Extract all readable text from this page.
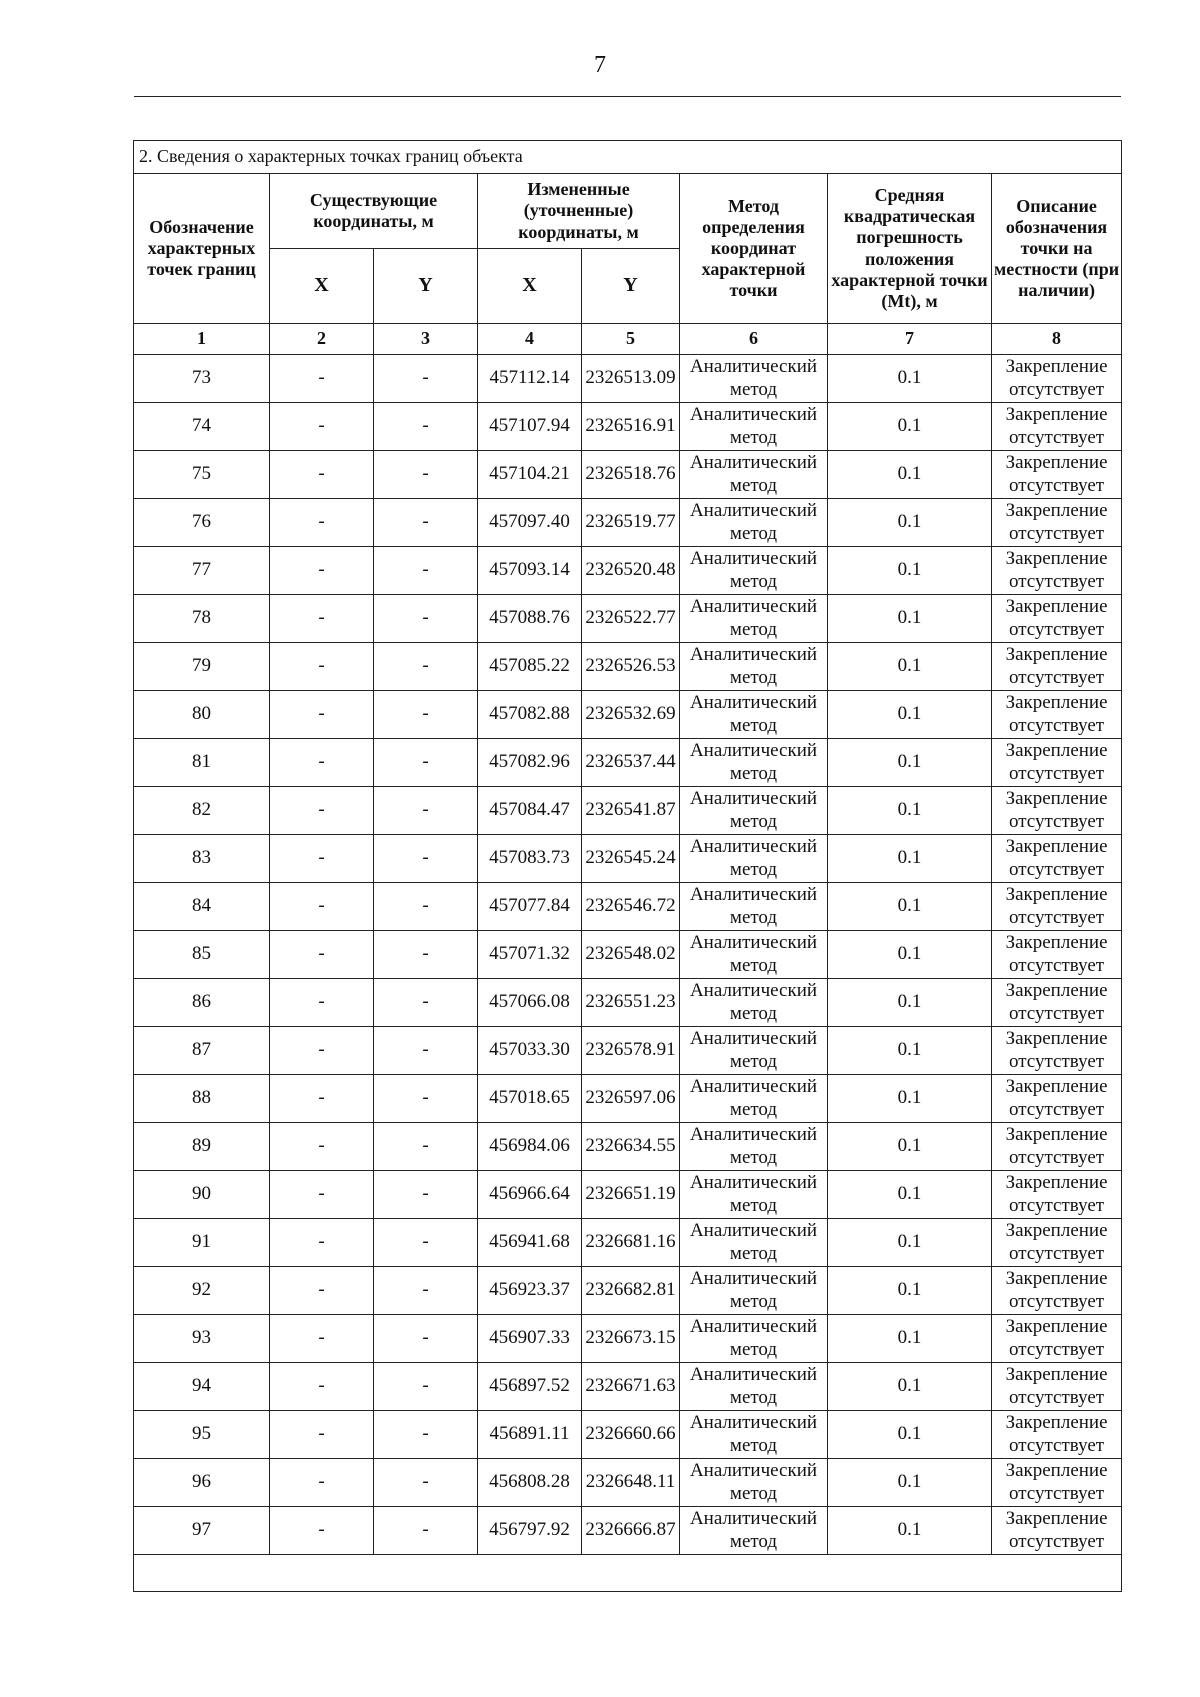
7
2. Сведения о характерных точках границ объекта							
Обозначение характерных точек границ	Существующие координаты, м		Измененные (уточненные) координаты, м		Метод определения координат характерной точки	Средняя квадратическая погрешность положения характерной точки (Mt), м	Описание обозначения точки на местности (при наличии)
	X	Y	X	Y			
1	2	3	4	5	6	7	8
73	-	-	457112.14	2326513.09	Аналитический метод	0.1	Закрепление отсутствует
74	-	-	457107.94	2326516.91	Аналитический метод	0.1	Закрепление отсутствует
75	-	-	457104.21	2326518.76	Аналитический метод	0.1	Закрепление отсутствует
76	-	-	457097.40	2326519.77	Аналитический метод	0.1	Закрепление отсутствует
77	-	-	457093.14	2326520.48	Аналитический метод	0.1	Закрепление отсутствует
78	-	-	457088.76	2326522.77	Аналитический метод	0.1	Закрепление отсутствует
79	-	-	457085.22	2326526.53	Аналитический метод	0.1	Закрепление отсутствует
80	-	-	457082.88	2326532.69	Аналитический метод	0.1	Закрепление отсутствует
81	-	-	457082.96	2326537.44	Аналитический метод	0.1	Закрепление отсутствует
82	-	-	457084.47	2326541.87	Аналитический метод	0.1	Закрепление отсутствует
83	-	-	457083.73	2326545.24	Аналитический метод	0.1	Закрепление отсутствует
84	-	-	457077.84	2326546.72	Аналитический метод	0.1	Закрепление отсутствует
85	-	-	457071.32	2326548.02	Аналитический метод	0.1	Закрепление отсутствует
86	-	-	457066.08	2326551.23	Аналитический метод	0.1	Закрепление отсутствует
87	-	-	457033.30	2326578.91	Аналитический метод	0.1	Закрепление отсутствует
88	-	-	457018.65	2326597.06	Аналитический метод	0.1	Закрепление отсутствует
89	-	-	456984.06	2326634.55	Аналитический метод	0.1	Закрепление отсутствует
90	-	-	456966.64	2326651.19	Аналитический метод	0.1	Закрепление отсутствует
91	-	-	456941.68	2326681.16	Аналитический метод	0.1	Закрепление отсутствует
92	-	-	456923.37	2326682.81	Аналитический метод	0.1	Закрепление отсутствует
93	-	-	456907.33	2326673.15	Аналитический метод	0.1	Закрепление отсутствует
94	-	-	456897.52	2326671.63	Аналитический метод	0.1	Закрепление отсутствует
95	-	-	456891.11	2326660.66	Аналитический метод	0.1	Закрепление отсутствует
96	-	-	456808.28	2326648.11	Аналитический метод	0.1	Закрепление отсутствует
97	-	-	456797.92	2326666.87	Аналитический метод	0.1	Закрепление отсутствует
